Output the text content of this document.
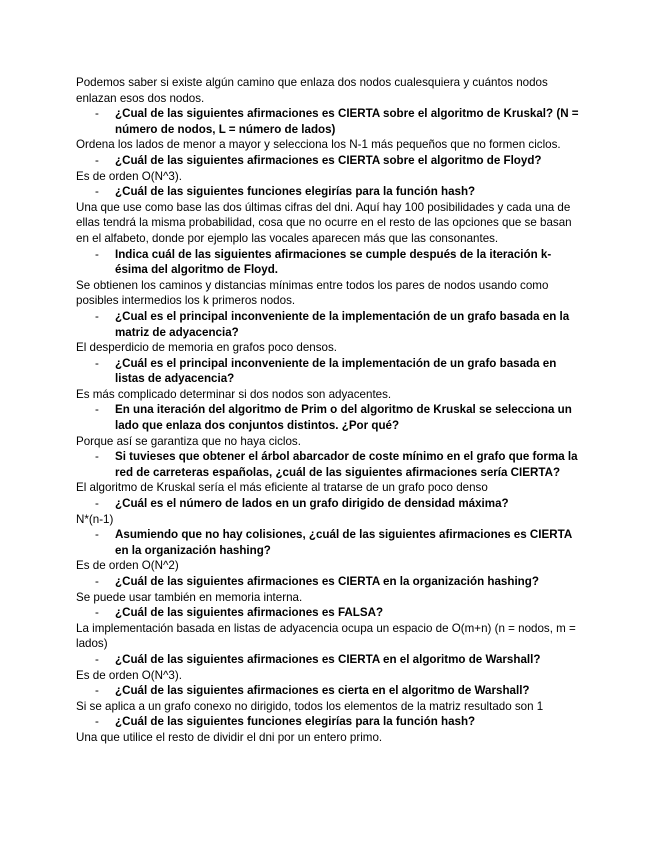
Podemos saber si existe algún camino que enlaza dos nodos cualesquiera y cuántos nodos enlazan esos dos nodos.

- ¿Cual de las siguientes afirmaciones es CIERTA sobre el algoritmo de Kruskal? (N = número de nodos, L = número de lados)

Ordena los lados de menor a mayor y selecciona los N-1 más pequeños que no formen ciclos.

- ¿Cuál de las siguientes afirmaciones es CIERTA sobre el algoritmo de Floyd?

Es de orden O(N^3).

- ¿Cuál de las siguientes funciones elegirías para la función hash?

Una que use como base las dos últimas cifras del dni. Aquí hay 100 posibilidades y cada una de ellas tendrá la misma probabilidad, cosa que no ocurre en el resto de las opciones que se basan en el alfabeto, donde por ejemplo las vocales aparecen más que las consonantes.

- Indica cuál de las siguientes afirmaciones se cumple después de la iteración k-ésima del algoritmo de Floyd.

Se obtienen los caminos y distancias mínimas entre todos los pares de nodos usando como posibles intermedios los k primeros nodos.

- ¿Cual es el principal inconveniente de la implementación de un grafo basada en la matriz de adyacencia?

El desperdicio de memoria en grafos poco densos.

- ¿Cuál es el principal inconveniente de la implementación de un grafo basada en listas de adyacencia?

Es más complicado determinar si dos nodos son adyacentes.

- En una iteración del algoritmo de Prim o del algoritmo de Kruskal se selecciona un lado que enlaza dos conjuntos distintos. ¿Por qué?

Porque así se garantiza que no haya ciclos.

- Si tuvieses que obtener el árbol abarcador de coste mínimo en el grafo que forma la red de carreteras españolas, ¿cuál de las siguientes afirmaciones sería CIERTA?

El algoritmo de Kruskal sería el más eficiente al tratarse de un grafo poco denso

- ¿Cuál es el número de lados en un grafo dirigido de densidad máxima?

N*(n-1)

- Asumiendo que no hay colisiones, ¿cuál de las siguientes afirmaciones es CIERTA en la organización hashing?

Es de orden O(N^2)

- ¿Cuál de las siguientes afirmaciones es CIERTA en la organización hashing?

Se puede usar también en memoria interna.

- ¿Cuál de las siguientes afirmaciones es FALSA?

La implementación basada en listas de adyacencia ocupa un espacio de O(m+n) (n = nodos, m = lados)

- ¿Cuál de las siguientes afirmaciones es CIERTA en el algoritmo de Warshall?

Es de orden O(N^3).

- ¿Cuál de las siguientes afirmaciones es cierta en el algoritmo de Warshall?

Si se aplica a un grafo conexo no dirigido, todos los elementos de la matriz resultado son 1

- ¿Cuál de las siguientes funciones elegirías para la función hash?

Una que utilice el resto de dividir el dni por un entero primo.
